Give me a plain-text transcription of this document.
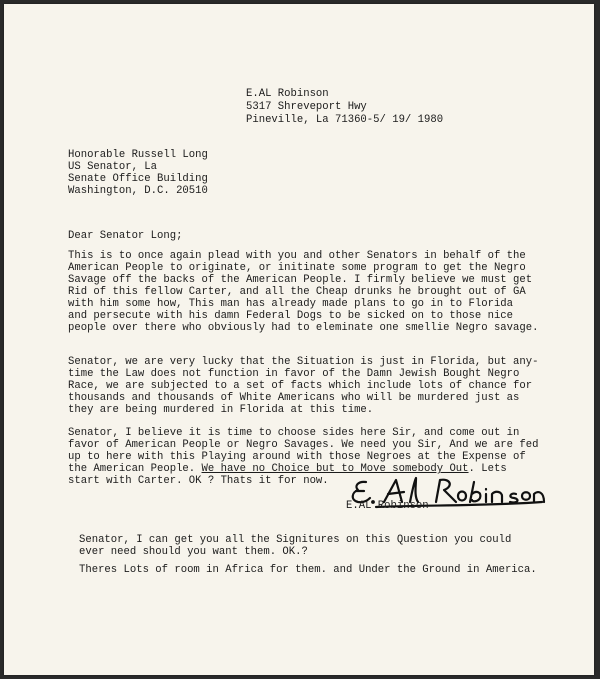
E.AL Robinson
5317 Shreveport Hwy
Pineville, La 71360-5/ 19/ 1980
Honorable Russell Long
US Senator, La
Senate Office Building
Washington, D.C. 20510
Dear Senator Long;
This is to once again plead with you and other Senators in behalf of the
American People to originate, or initinate some program to get the Negro
Savage off the backs of the American People. I firmly believe we must get
Rid of this fellow Carter, and all the Cheap drunks he brought out of GA
with him some how, This man has already made plans to go in to Florida
and persecute with his damn Federal Dogs to be sicked on to those nice
people over there who obviously had to eleminate one smellie Negro savage.
Senator, we are very lucky that the Situation is just in Florida, but any-
time the Law does not function in favor of the Damn Jewish Bought Negro
Race, we are subjected to a set of facts which include lots of chance for
thousands and thousands of White Americans who will be murdered just as
they are being murdered in Florida at this time.
Senator, I believe it is time to choose sides here Sir, and come out in
favor of American People or Negro Savages. We need you Sir, And we are fed
up to here with this Playing around with those Negroes at the Expense of
the American People. We have no Choice but to Move somebody Out. Lets
start with Carter. OK ? Thats it for now.
E.AL Robinson
Senator, I can get you all the Signitures on this Question you could
ever need should you want them. OK.?
Theres Lots of room in Africa for them. and Under the Ground in America.
